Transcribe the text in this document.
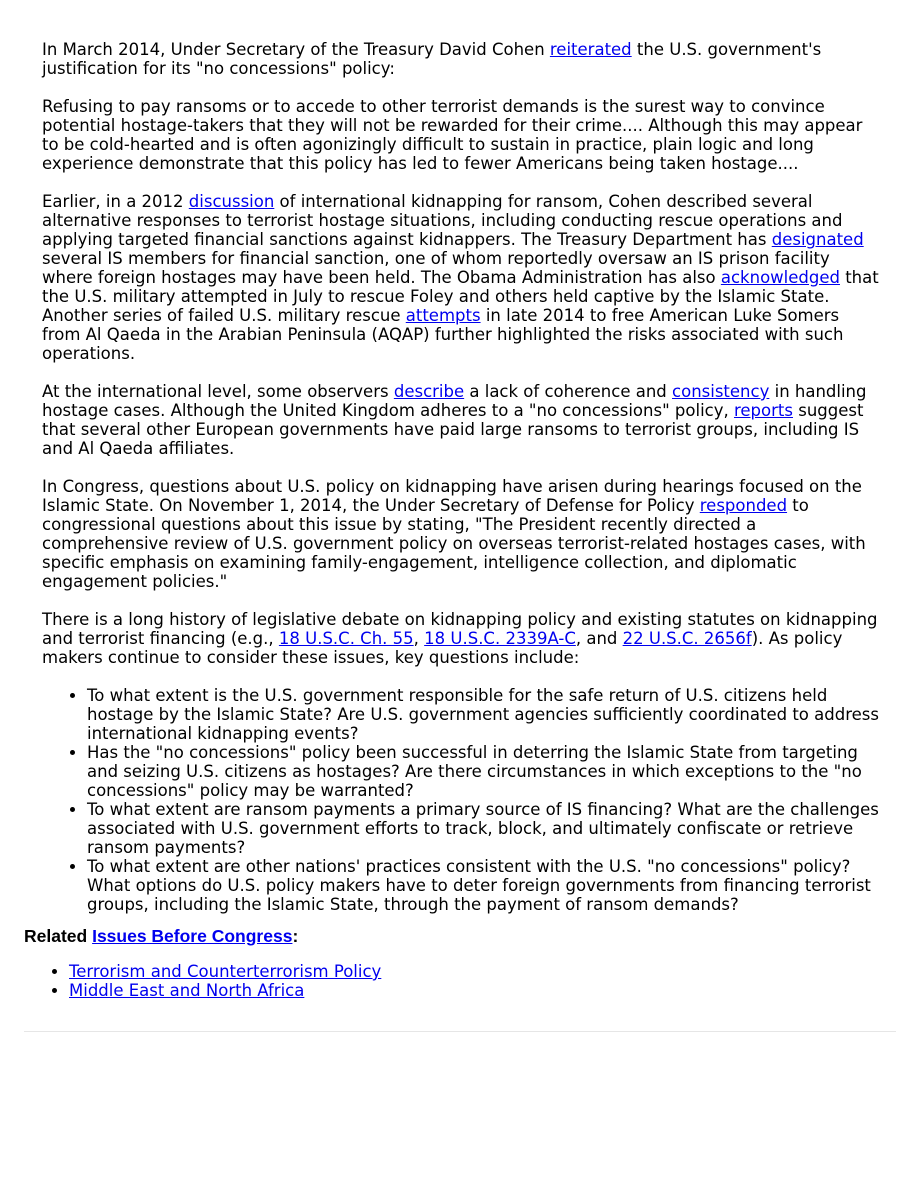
In March 2014, Under Secretary of the Treasury David Cohen reiterated the U.S. government's justification for its "no concessions" policy:

Refusing to pay ransoms or to accede to other terrorist demands is the surest way to convince potential hostage-takers that they will not be rewarded for their crime.... Although this may appear to be cold-hearted and is often agonizingly difficult to sustain in practice, plain logic and long experience demonstrate that this policy has led to fewer Americans being taken hostage....

Earlier, in a 2012 discussion of international kidnapping for ransom, Cohen described several alternative responses to terrorist hostage situations, including conducting rescue operations and applying targeted financial sanctions against kidnappers. The Treasury Department has designated several IS members for financial sanction, one of whom reportedly oversaw an IS prison facility where foreign hostages may have been held. The Obama Administration has also acknowledged that the U.S. military attempted in July to rescue Foley and others held captive by the Islamic State. Another series of failed U.S. military rescue attempts in late 2014 to free American Luke Somers from Al Qaeda in the Arabian Peninsula (AQAP) further highlighted the risks associated with such operations.

At the international level, some observers describe a lack of coherence and consistency in handling hostage cases. Although the United Kingdom adheres to a "no concessions" policy, reports suggest that several other European governments have paid large ransoms to terrorist groups, including IS and Al Qaeda affiliates.

In Congress, questions about U.S. policy on kidnapping have arisen during hearings focused on the Islamic State. On November 1, 2014, the Under Secretary of Defense for Policy responded to congressional questions about this issue by stating, "The President recently directed a comprehensive review of U.S. government policy on overseas terrorist-related hostages cases, with specific emphasis on examining family-engagement, intelligence collection, and diplomatic engagement policies."

There is a long history of legislative debate on kidnapping policy and existing statutes on kidnapping and terrorist financing (e.g., 18 U.S.C. Ch. 55, 18 U.S.C. 2339A-C, and 22 U.S.C. 2656f). As policy makers continue to consider these issues, key questions include:

• To what extent is the U.S. government responsible for the safe return of U.S. citizens held hostage by the Islamic State? Are U.S. government agencies sufficiently coordinated to address international kidnapping events?
• Has the "no concessions" policy been successful in deterring the Islamic State from targeting and seizing U.S. citizens as hostages? Are there circumstances in which exceptions to the "no concessions" policy may be warranted?
• To what extent are ransom payments a primary source of IS financing? What are the challenges associated with U.S. government efforts to track, block, and ultimately confiscate or retrieve ransom payments?
• To what extent are other nations' practices consistent with the U.S. "no concessions" policy? What options do U.S. policy makers have to deter foreign governments from financing terrorist groups, including the Islamic State, through the payment of ransom demands?
Related Issues Before Congress:
• Terrorism and Counterterrorism Policy
• Middle East and North Africa
